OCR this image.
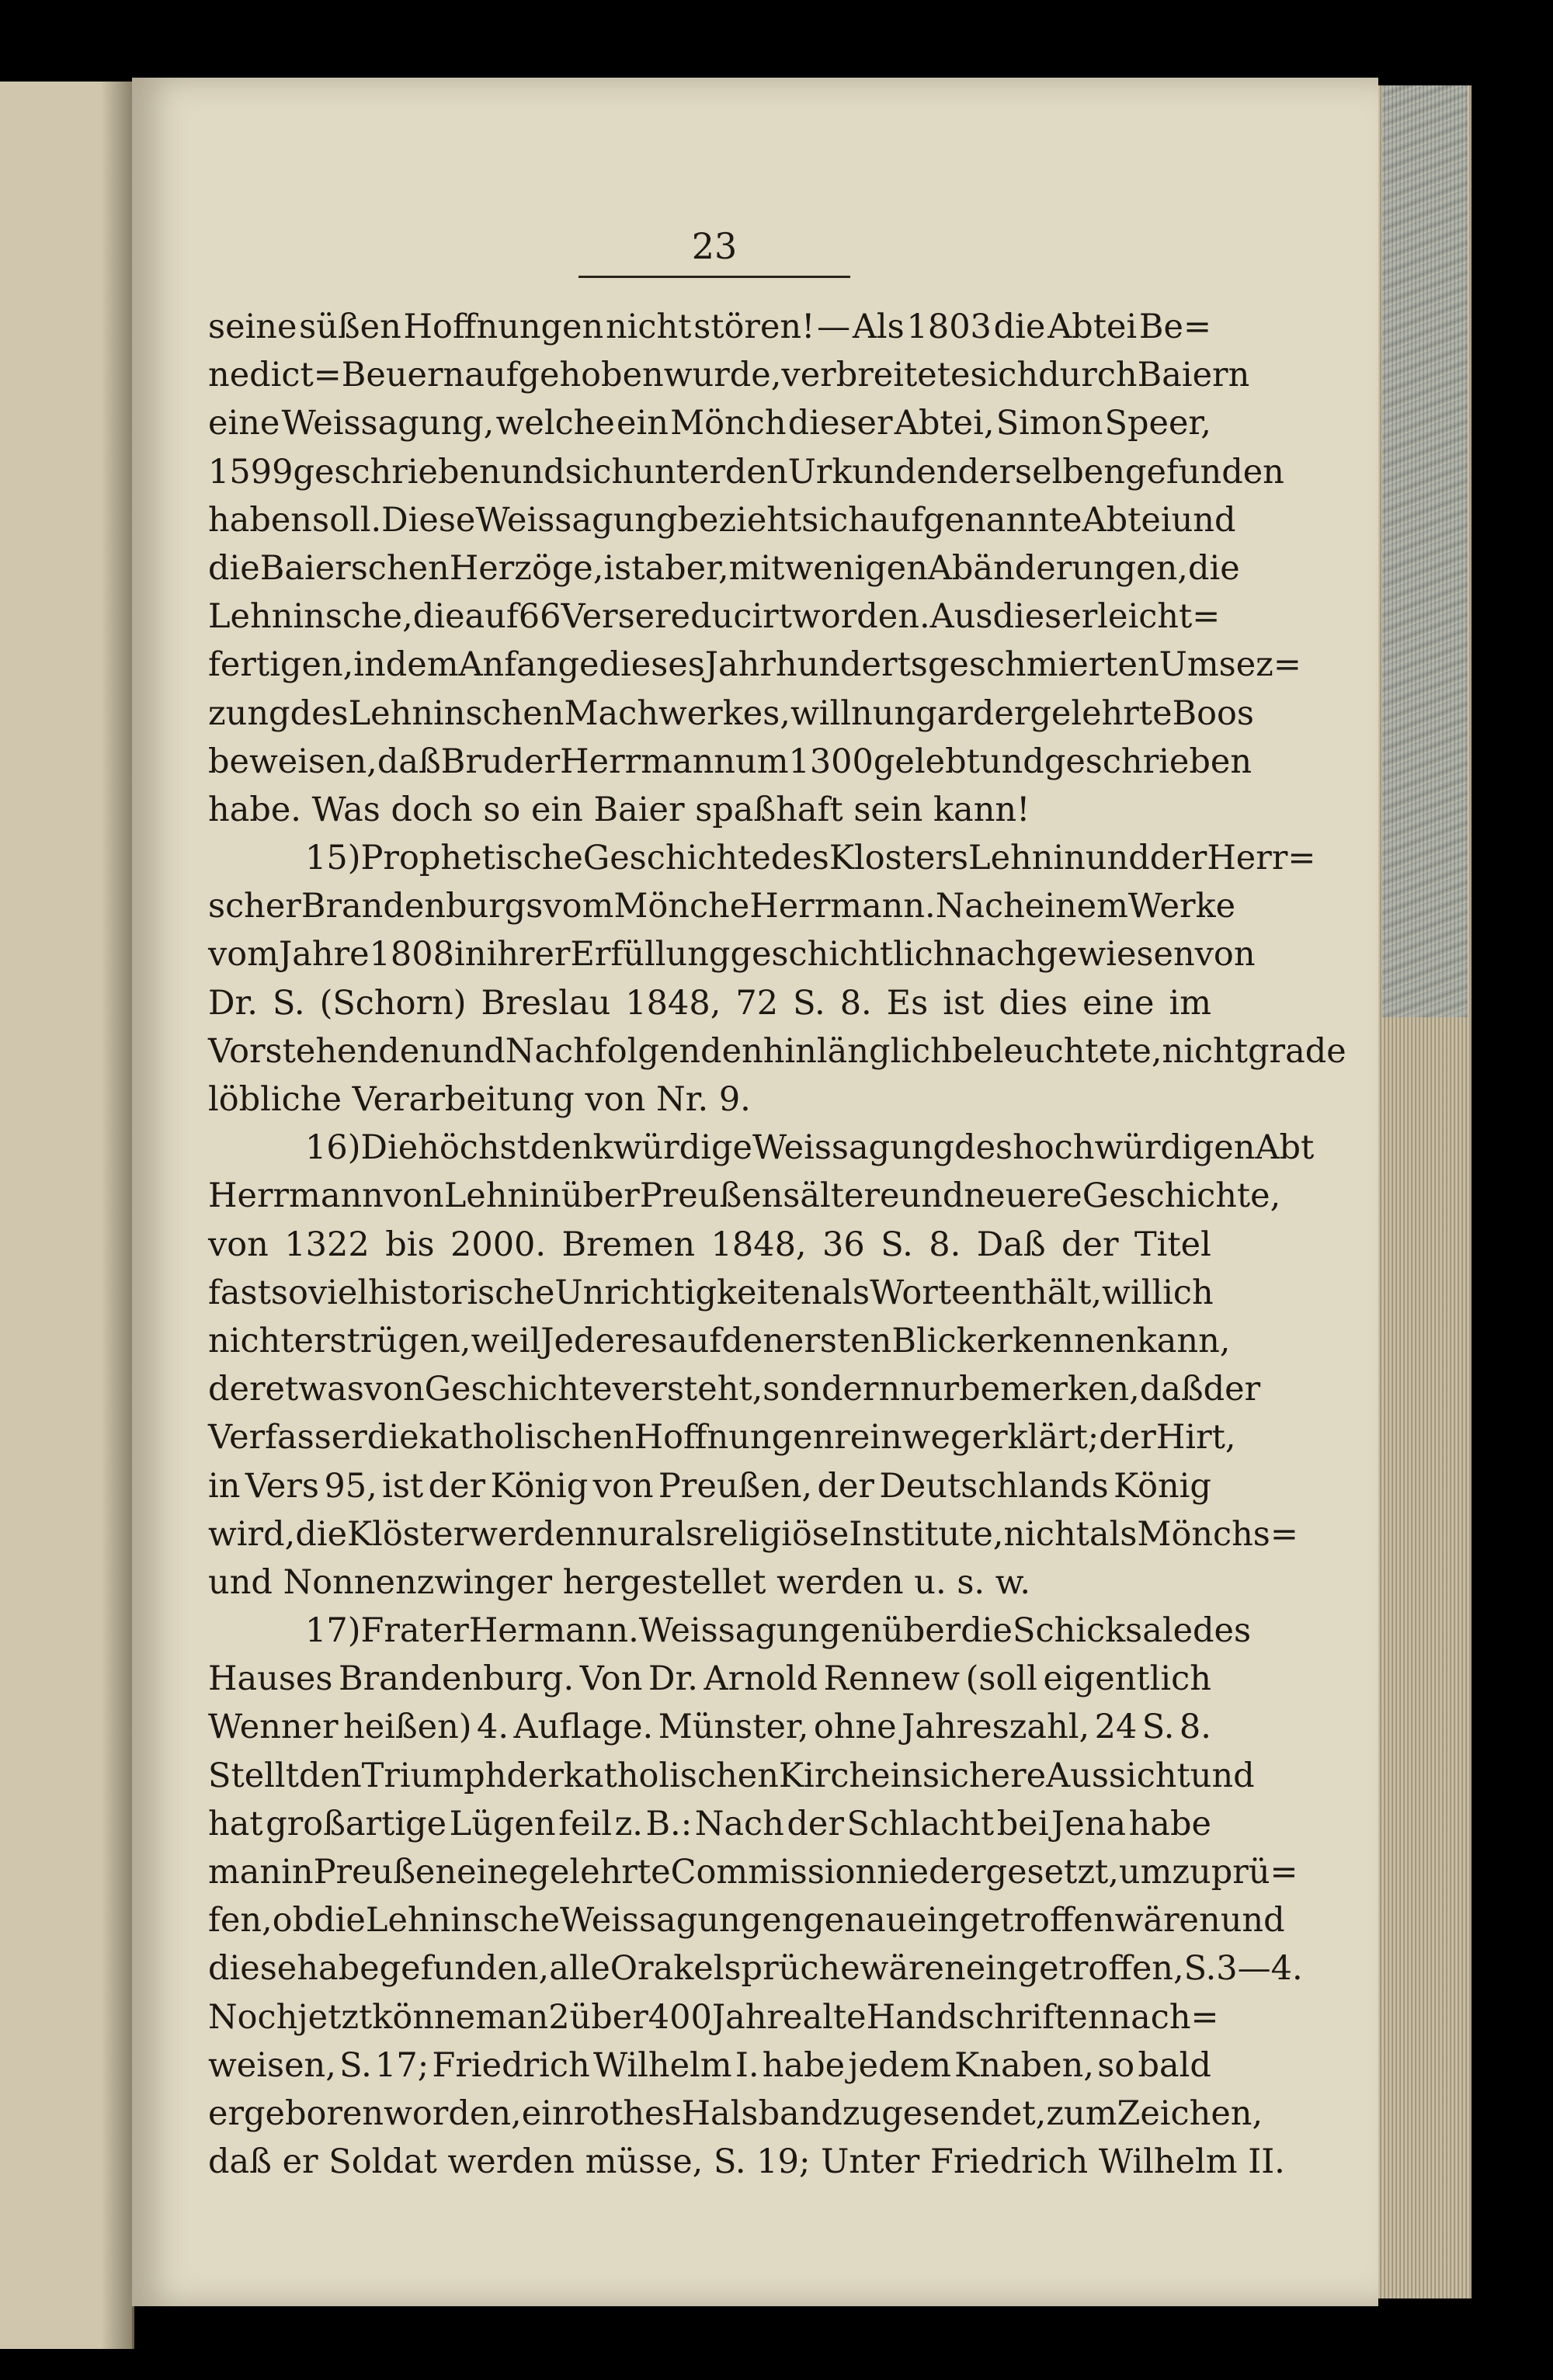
23
seine süßen Hoffnungen nicht stören! — Als 1803 die Abtei Be=
nedict=Beuern aufgehoben wurde, verbreitete sich durch Baiern
eine Weissagung, welche ein Mönch dieser Abtei, Simon Speer,
1599 geschrieben und sich unter den Urkunden derselben gefunden
haben soll. Diese Weissagung bezieht sich auf genannte Abtei und
die Baierschen Herzöge, ist aber, mit wenigen Abänderungen, die
Lehninsche, die auf 66 Verse reducirt worden. Aus dieser leicht=
fertigen, in dem Anfange dieses Jahrhunderts geschmierten Umsez=
zung des Lehninschen Machwerkes, will nun gar der gelehrte Boos
beweisen, daß Bruder Herrmann um 1300 gelebt und geschrieben
habe. Was doch so ein Baier spaßhaft sein kann!
15) Prophetische Geschichte des Klosters Lehnin und der Herr=
scher Brandenburgs vom Mönche Herrmann. Nach einem Werke
vom Jahre 1808 in ihrer Erfüllung geschichtlich nachgewiesen von
Dr. S. (Schorn) Breslau 1848, 72 S. 8. Es ist dies eine im
Vorstehenden und Nachfolgenden hinlänglich beleuchtete, nicht grade
löbliche Verarbeitung von Nr. 9.
16) Die höchstdenkwürdige Weissagung des hochwürdigen Abt
Herrmann von Lehnin über Preußens ältere und neuere Geschichte,
von 1322 bis 2000. Bremen 1848, 36 S. 8. Daß der Titel
fast so viel historische Unrichtigkeiten als Worte enthält, will ich
nicht erst rügen, weil Jeder es auf den ersten Blick erkennen kann,
der etwas von Geschichte versteht, sondern nur bemerken, daß der
Verfasser die katholischen Hoffnungen rein weg erklärt; der Hirt,
in Vers 95, ist der König von Preußen, der Deutschlands König
wird, die Klöster werden nur als religiöse Institute, nicht als Mönchs=
und Nonnenzwinger hergestellet werden u. s. w.
17) Frater Hermann. Weissagungen über die Schicksale des
Hauses Brandenburg. Von Dr. Arnold Rennew (soll eigentlich
Wenner heißen) 4. Auflage. Münster, ohne Jahreszahl, 24 S. 8.
Stellt den Triumph der katholischen Kirche in sichere Aussicht und
hat großartige Lügen feil z. B.: Nach der Schlacht bei Jena habe
man in Preußen eine gelehrte Commission niedergesetzt, um zu prü=
fen, ob die Lehninsche Weissagungen genau eingetroffen wären und
diese habe gefunden, alle Orakelsprüche wären eingetroffen, S. 3—4.
Noch jetzt könne man 2 über 400 Jahre alte Handschriften nach=
weisen, S. 17; Friedrich Wilhelm I. habe jedem Knaben, so bald
er geboren worden, ein rothes Halsband zugesendet, zum Zeichen,
daß er Soldat werden müsse, S. 19; Unter Friedrich Wilhelm II.
